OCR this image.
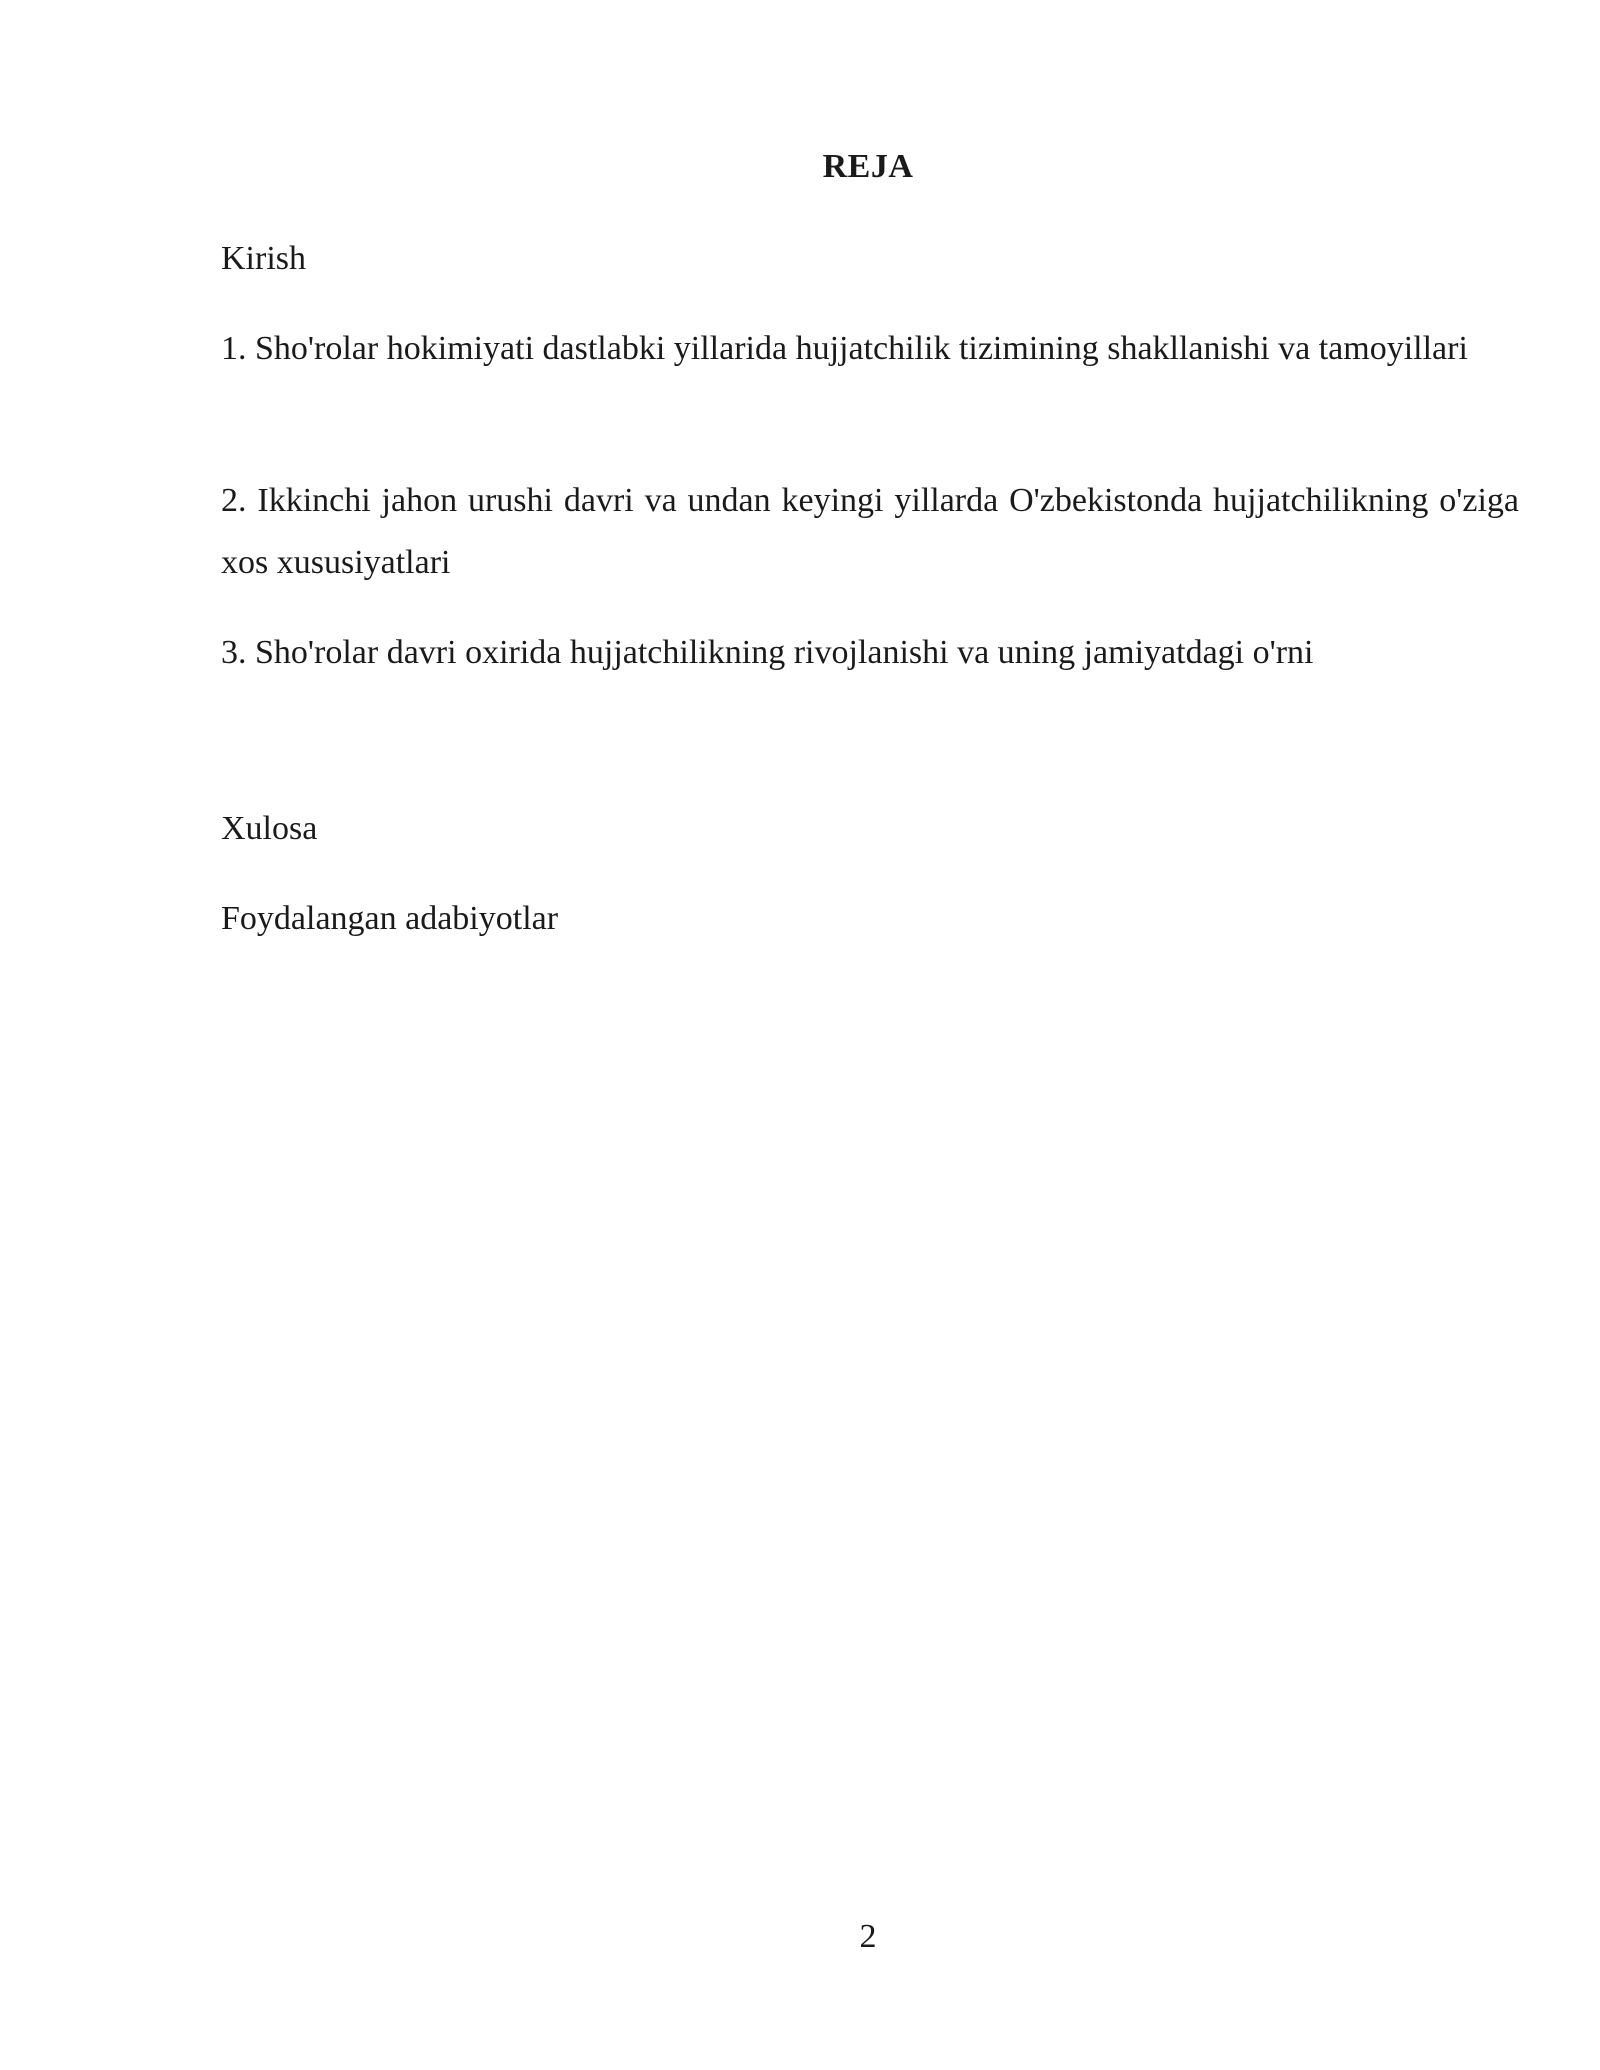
REJA

Kirish

1. Sho'rolar hokimiyati dastlabki yillarida hujjatchilik tizimining shakllanishi va tamoyillari

2. Ikkinchi jahon urushi davri va undan keyingi yillarda O'zbekistonda hujjatchilikning o'ziga xos xususiyatlari

3. Sho'rolar davri oxirida hujjatchilikning rivojlanishi va uning jamiyatdagi o'rni

Xulosa

Foydalangan adabiyotlar

2
